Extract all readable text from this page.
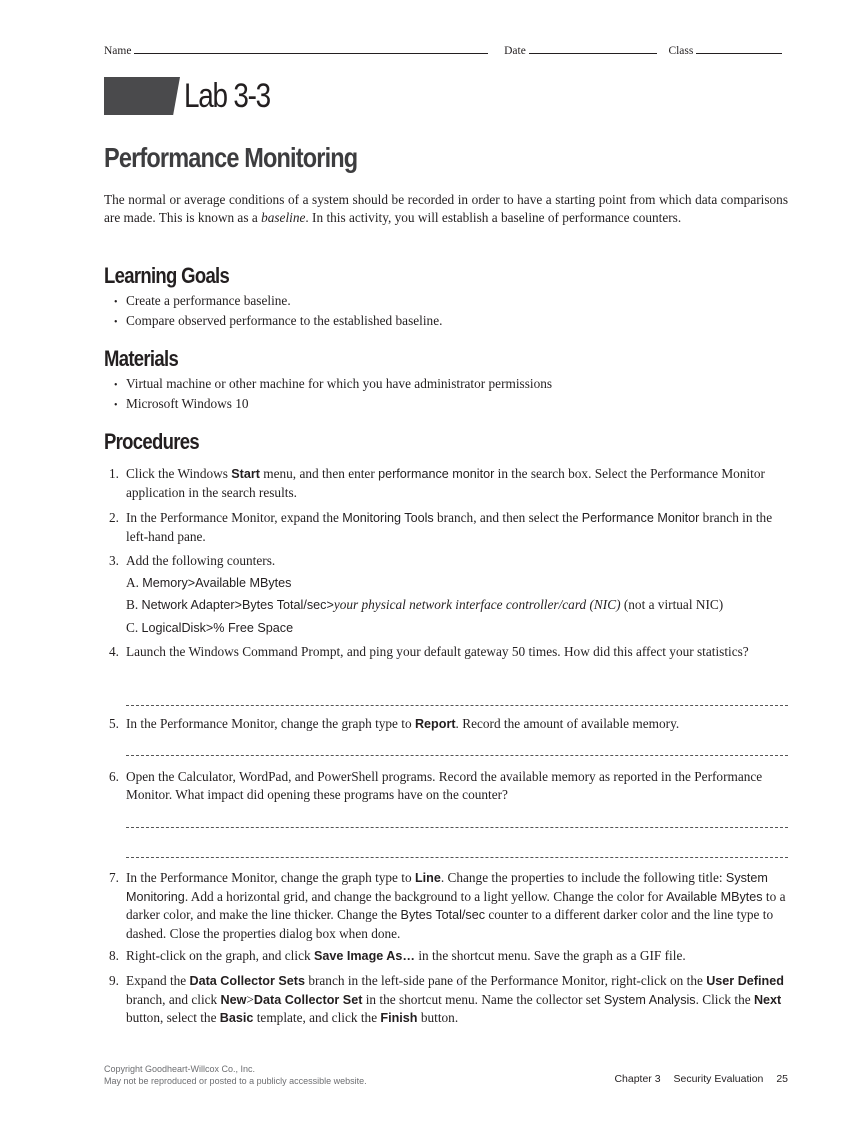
Name	Date	Class
Lab 3-3
Performance Monitoring
The normal or average conditions of a system should be recorded in order to have a starting point from which data comparisons are made. This is known as a baseline. In this activity, you will establish a baseline of performance counters.
Learning Goals
• Create a performance baseline.
• Compare observed performance to the established baseline.
Materials
• Virtual machine or other machine for which you have administrator permissions
• Microsoft Windows 10
Procedures
1. Click the Windows Start menu, and then enter performance monitor in the search box. Select the Performance Monitor application in the search results.
2. In the Performance Monitor, expand the Monitoring Tools branch, and then select the Performance Monitor branch in the left-hand pane.
3. Add the following counters.
A. Memory>Available MBytes
B. Network Adapter>Bytes Total/sec>your physical network interface controller/card (NIC) (not a virtual NIC)
C. LogicalDisk>% Free Space
4. Launch the Windows Command Prompt, and ping your default gateway 50 times. How did this affect your statistics?
5. In the Performance Monitor, change the graph type to Report. Record the amount of available memory.
6. Open the Calculator, WordPad, and PowerShell programs. Record the available memory as reported in the Performance Monitor. What impact did opening these programs have on the counter?
7. In the Performance Monitor, change the graph type to Line. Change the properties to include the following title: System Monitoring. Add a horizontal grid, and change the background to a light yellow. Change the color for Available MBytes to a darker color, and make the line thicker. Change the Bytes Total/sec counter to a different darker color and the line type to dashed. Close the properties dialog box when done.
8. Right-click on the graph, and click Save Image As… in the shortcut menu. Save the graph as a GIF file.
9. Expand the Data Collector Sets branch in the left-side pane of the Performance Monitor, right-click on the User Defined branch, and click New>Data Collector Set in the shortcut menu. Name the collector set System Analysis. Click the Next button, select the Basic template, and click the Finish button.
Copyright Goodheart-Willcox Co., Inc.
May not be reproduced or posted to a publicly accessible website.	Chapter 3 Security Evaluation 25
